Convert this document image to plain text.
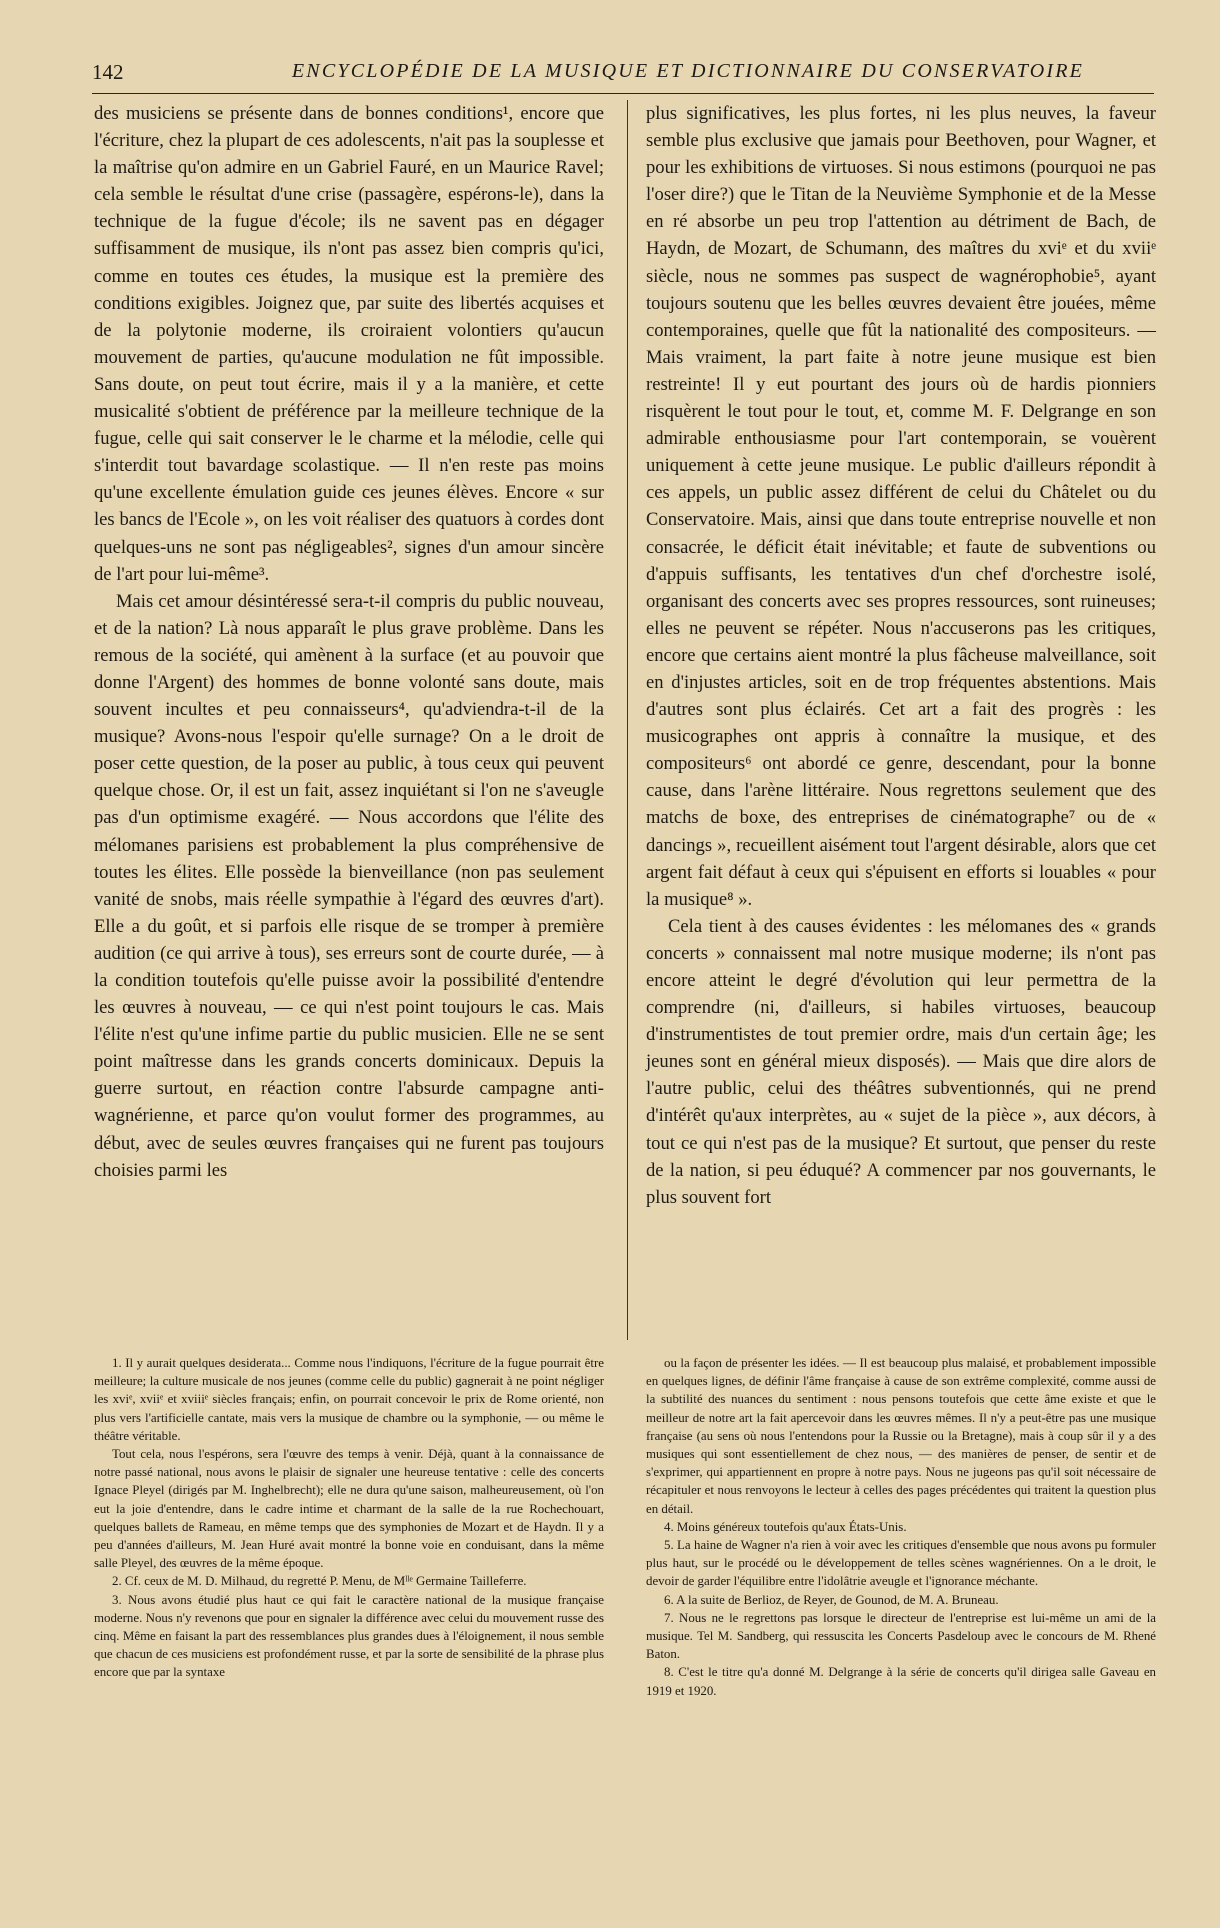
142	ENCYCLOPÉDIE DE LA MUSIQUE ET DICTIONNAIRE DU CONSERVATOIRE

des musiciens se présente dans de bonnes conditions¹, encore que l'écriture, chez la plupart de ces adolescents, n'ait pas la souplesse et la maîtrise qu'on admire en un Gabriel Fauré, en un Maurice Ravel; cela semble le résultat d'une crise (passagère, espérons-le), dans la technique de la fugue d'école; ils ne savent pas en dégager suffisamment de musique, ils n'ont pas assez bien compris qu'ici, comme en toutes ces études, la musique est la première des conditions exigibles. Joignez que, par suite des libertés acquises et de la polytonie moderne, ils croiraient volontiers qu'aucun mouvement de parties, qu'aucune modulation ne fût impossible. Sans doute, on peut tout écrire, mais il y a la manière, et cette musicalité s'obtient de préférence par la meilleure technique de la fugue, celle qui sait conserver le le charme et la mélodie, celle qui s'interdit tout bavardage scolastique. — Il n'en reste pas moins qu'une excellente émulation guide ces jeunes élèves. Encore « sur les bancs de l'Ecole », on les voit réaliser des quatuors à cordes dont quelques-uns ne sont pas négligeables², signes d'un amour sincère de l'art pour lui-même³.

Mais cet amour désintéressé sera-t-il compris du public nouveau, et de la nation? Là nous apparaît le plus grave problème. Dans les remous de la société, qui amènent à la surface (et au pouvoir que donne l'Argent) des hommes de bonne volonté sans doute, mais souvent incultes et peu connaisseurs⁴, qu'adviendra-t-il de la musique? Avons-nous l'espoir qu'elle surnage? On a le droit de poser cette question, de la poser au public, à tous ceux qui peuvent quelque chose. Or, il est un fait, assez inquiétant si l'on ne s'aveugle pas d'un optimisme exagéré. — Nous accordons que l'élite des mélomanes parisiens est probablement la plus compréhensive de toutes les élites. Elle possède la bienveillance (non pas seulement vanité de snobs, mais réelle sympathie à l'égard des œuvres d'art). Elle a du goût, et si parfois elle risque de se tromper à première audition (ce qui arrive à tous), ses erreurs sont de courte durée, — à la condition toutefois qu'elle puisse avoir la possibilité d'entendre les œuvres à nouveau, — ce qui n'est point toujours le cas. Mais l'élite n'est qu'une infime partie du public musicien. Elle ne se sent point maîtresse dans les grands concerts dominicaux. Depuis la guerre surtout, en réaction contre l'absurde campagne anti-wagnérienne, et parce qu'on voulut former des programmes, au début, avec de seules œuvres françaises qui ne furent pas toujours choisies parmi les

plus significatives, les plus fortes, ni les plus neuves, la faveur semble plus exclusive que jamais pour Beethoven, pour Wagner, et pour les exhibitions de virtuoses. Si nous estimons (pourquoi ne pas l'oser dire?) que le Titan de la Neuvième Symphonie et de la Messe en ré absorbe un peu trop l'attention au détriment de Bach, de Haydn, de Mozart, de Schumann, des maîtres du xviᵉ et du xviiᵉ siècle, nous ne sommes pas suspect de wagnérophobie⁵, ayant toujours soutenu que les belles œuvres devaient être jouées, même contemporaines, quelle que fût la nationalité des compositeurs. — Mais vraiment, la part faite à notre jeune musique est bien restreinte! Il y eut pourtant des jours où de hardis pionniers risquèrent le tout pour le tout, et, comme M. F. Delgrange en son admirable enthousiasme pour l'art contemporain, se vouèrent uniquement à cette jeune musique. Le public d'ailleurs répondit à ces appels, un public assez différent de celui du Châtelet ou du Conservatoire. Mais, ainsi que dans toute entreprise nouvelle et non consacrée, le déficit était inévitable; et faute de subventions ou d'appuis suffisants, les tentatives d'un chef d'orchestre isolé, organisant des concerts avec ses propres ressources, sont ruineuses; elles ne peuvent se répéter. Nous n'accuserons pas les critiques, encore que certains aient montré la plus fâcheuse malveillance, soit en d'injustes articles, soit en de trop fréquentes abstentions. Mais d'autres sont plus éclairés. Cet art a fait des progrès : les musicographes ont appris à connaître la musique, et des compositeurs⁶ ont abordé ce genre, descendant, pour la bonne cause, dans l'arène littéraire. Nous regrettons seulement que des matchs de boxe, des entreprises de cinématographe⁷ ou de « dancings », recueillent aisément tout l'argent désirable, alors que cet argent fait défaut à ceux qui s'épuisent en efforts si louables « pour la musique⁸ ».

Cela tient à des causes évidentes : les mélomanes des « grands concerts » connaissent mal notre musique moderne; ils n'ont pas encore atteint le degré d'évolution qui leur permettra de la comprendre (ni, d'ailleurs, si habiles virtuoses, beaucoup d'instrumentistes de tout premier ordre, mais d'un certain âge; les jeunes sont en général mieux disposés). — Mais que dire alors de l'autre public, celui des théâtres subventionnés, qui ne prend d'intérêt qu'aux interprètes, au « sujet de la pièce », aux décors, à tout ce qui n'est pas de la musique? Et surtout, que penser du reste de la nation, si peu éduqué? A commencer par nos gouvernants, le plus souvent fort

1. Il y aurait quelques desiderata... Comme nous l'indiquons, l'écriture de la fugue pourrait être meilleure; la culture musicale de nos jeunes (comme celle du public) gagnerait à ne point négliger les xviᵉ, xviiᵉ et xviiiᵉ siècles français; enfin, on pourrait concevoir le prix de Rome orienté, non plus vers l'artificielle cantate, mais vers la musique de chambre ou la symphonie, — ou même le théâtre véritable.

Tout cela, nous l'espérons, sera l'œuvre des temps à venir. Déjà, quant à la connaissance de notre passé national, nous avons le plaisir de signaler une heureuse tentative : celle des concerts Ignace Pleyel (dirigés par M. Inghelbrecht); elle ne dura qu'une saison, malheureusement, où l'on eut la joie d'entendre, dans le cadre intime et charmant de la salle de la rue Rochechouart, quelques ballets de Rameau, en même temps que des symphonies de Mozart et de Haydn. Il y a peu d'années d'ailleurs, M. Jean Huré avait montré la bonne voie en conduisant, dans la même salle Pleyel, des œuvres de la même époque.

2. Cf. ceux de M. D. Milhaud, du regretté P. Menu, de Mˡˡᵉ Germaine Tailleferre.

3. Nous avons étudié plus haut ce qui fait le caractère national de la musique française moderne. Nous n'y revenons que pour en signaler la différence avec celui du mouvement russe des cinq. Même en faisant la part des ressemblances plus grandes dues à l'éloignement, il nous semble que chacun de ces musiciens est profondément russe, et par la sorte de sensibilité de la phrase plus encore que par la syntaxe

ou la façon de présenter les idées. — Il est beaucoup plus malaisé, et probablement impossible en quelques lignes, de définir l'âme française à cause de son extrême complexité, comme aussi de la subtilité des nuances du sentiment : nous pensons toutefois que cette âme existe et que le meilleur de notre art la fait apercevoir dans les œuvres mêmes. Il n'y a peut-être pas une musique française (au sens où nous l'entendons pour la Russie ou la Bretagne), mais à coup sûr il y a des musiques qui sont essentiellement de chez nous, — des manières de penser, de sentir et de s'exprimer, qui appartiennent en propre à notre pays. Nous ne jugeons pas qu'il soit nécessaire de récapituler et nous renvoyons le lecteur à celles des pages précédentes qui traitent la question plus en détail.

4. Moins généreux toutefois qu'aux États-Unis.

5. La haine de Wagner n'a rien à voir avec les critiques d'ensemble que nous avons pu formuler plus haut, sur le procédé ou le développement de telles scènes wagnériennes. On a le droit, le devoir de garder l'équilibre entre l'idolâtrie aveugle et l'ignorance méchante.

6. A la suite de Berlioz, de Reyer, de Gounod, de M. A. Bruneau.

7. Nous ne le regrettons pas lorsque le directeur de l'entreprise est lui-même un ami de la musique. Tel M. Sandberg, qui ressuscita les Concerts Pasdeloup avec le concours de M. Rhené Baton.

8. C'est le titre qu'a donné M. Delgrange à la série de concerts qu'il dirigea salle Gaveau en 1919 et 1920.
